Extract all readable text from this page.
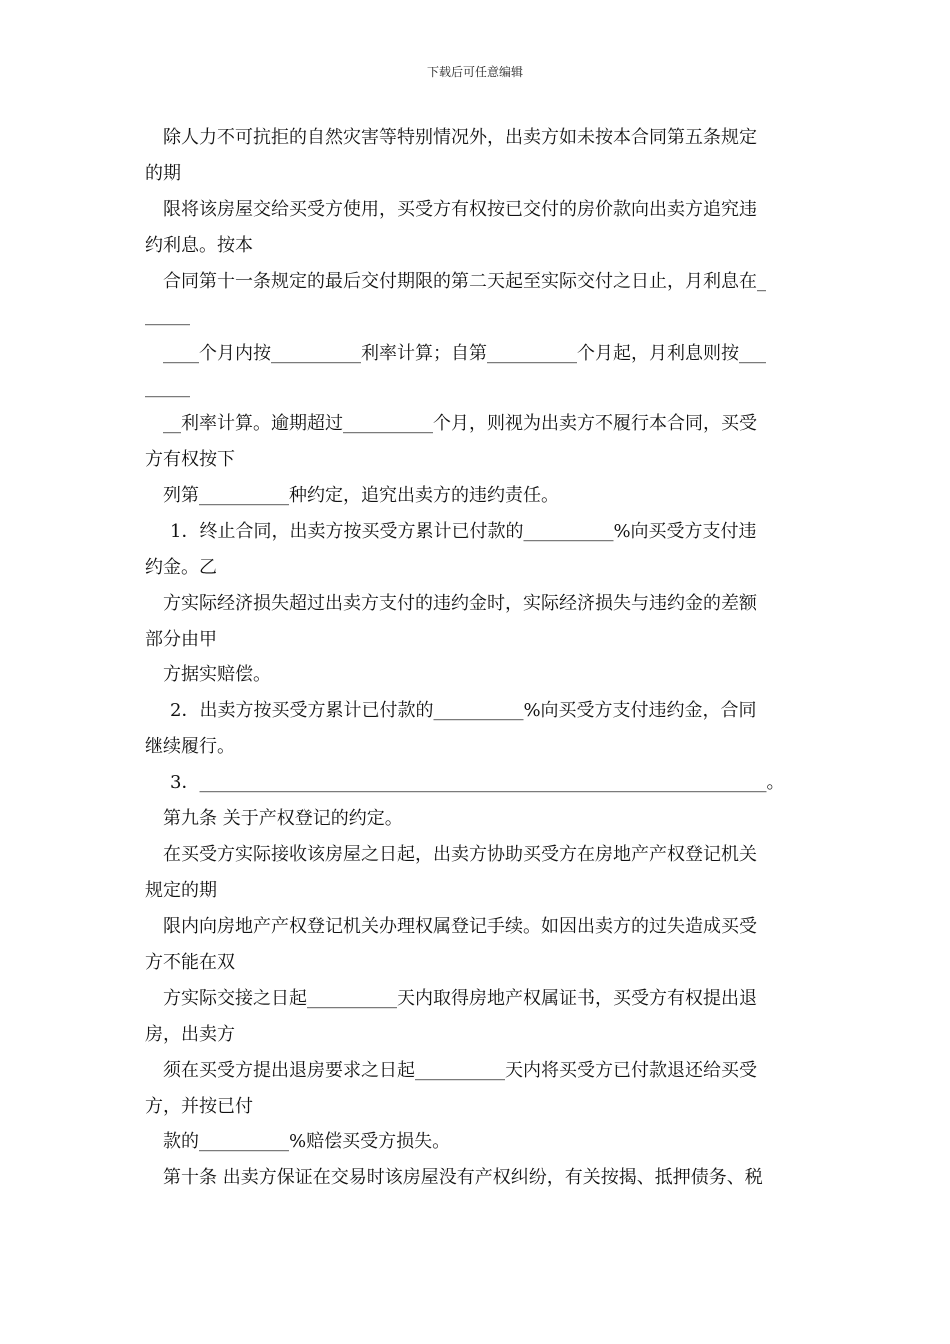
下载后可任意编辑
除人力不可抗拒的自然灾害等特别情况外，出卖方如未按本合同第五条规定
的期
限将该房屋交给买受方使用，买受方有权按已交付的房价款向出卖方追究违
约利息。按本
合同第十一条规定的最后交付期限的第二天起至实际交付之日止，月利息在_
_____
____个月内按__________利率计算；自第__________个月起，月利息则按___
_____
__利率计算。逾期超过__________个月，则视为出卖方不履行本合同，买受
方有权按下
列第__________种约定，追究出卖方的违约责任。
1．终止合同，出卖方按买受方累计已付款的__________%向买受方支付违
约金。乙
方实际经济损失超过出卖方支付的违约金时，实际经济损失与违约金的差额
部分由甲
方据实赔偿。
2．出卖方按买受方累计已付款的__________%向买受方支付违约金，合同
继续履行。
3．_______________________________________________________________。
第九条 关于产权登记的约定。
在买受方实际接收该房屋之日起，出卖方协助买受方在房地产产权登记机关
规定的期
限内向房地产产权登记机关办理权属登记手续。如因出卖方的过失造成买受
方不能在双
方实际交接之日起__________天内取得房地产权属证书，买受方有权提出退
房，出卖方
须在买受方提出退房要求之日起__________天内将买受方已付款退还给买受
方，并按已付
款的__________%赔偿买受方损失。
第十条 出卖方保证在交易时该房屋没有产权纠纷，有关按揭、抵押债务、税
